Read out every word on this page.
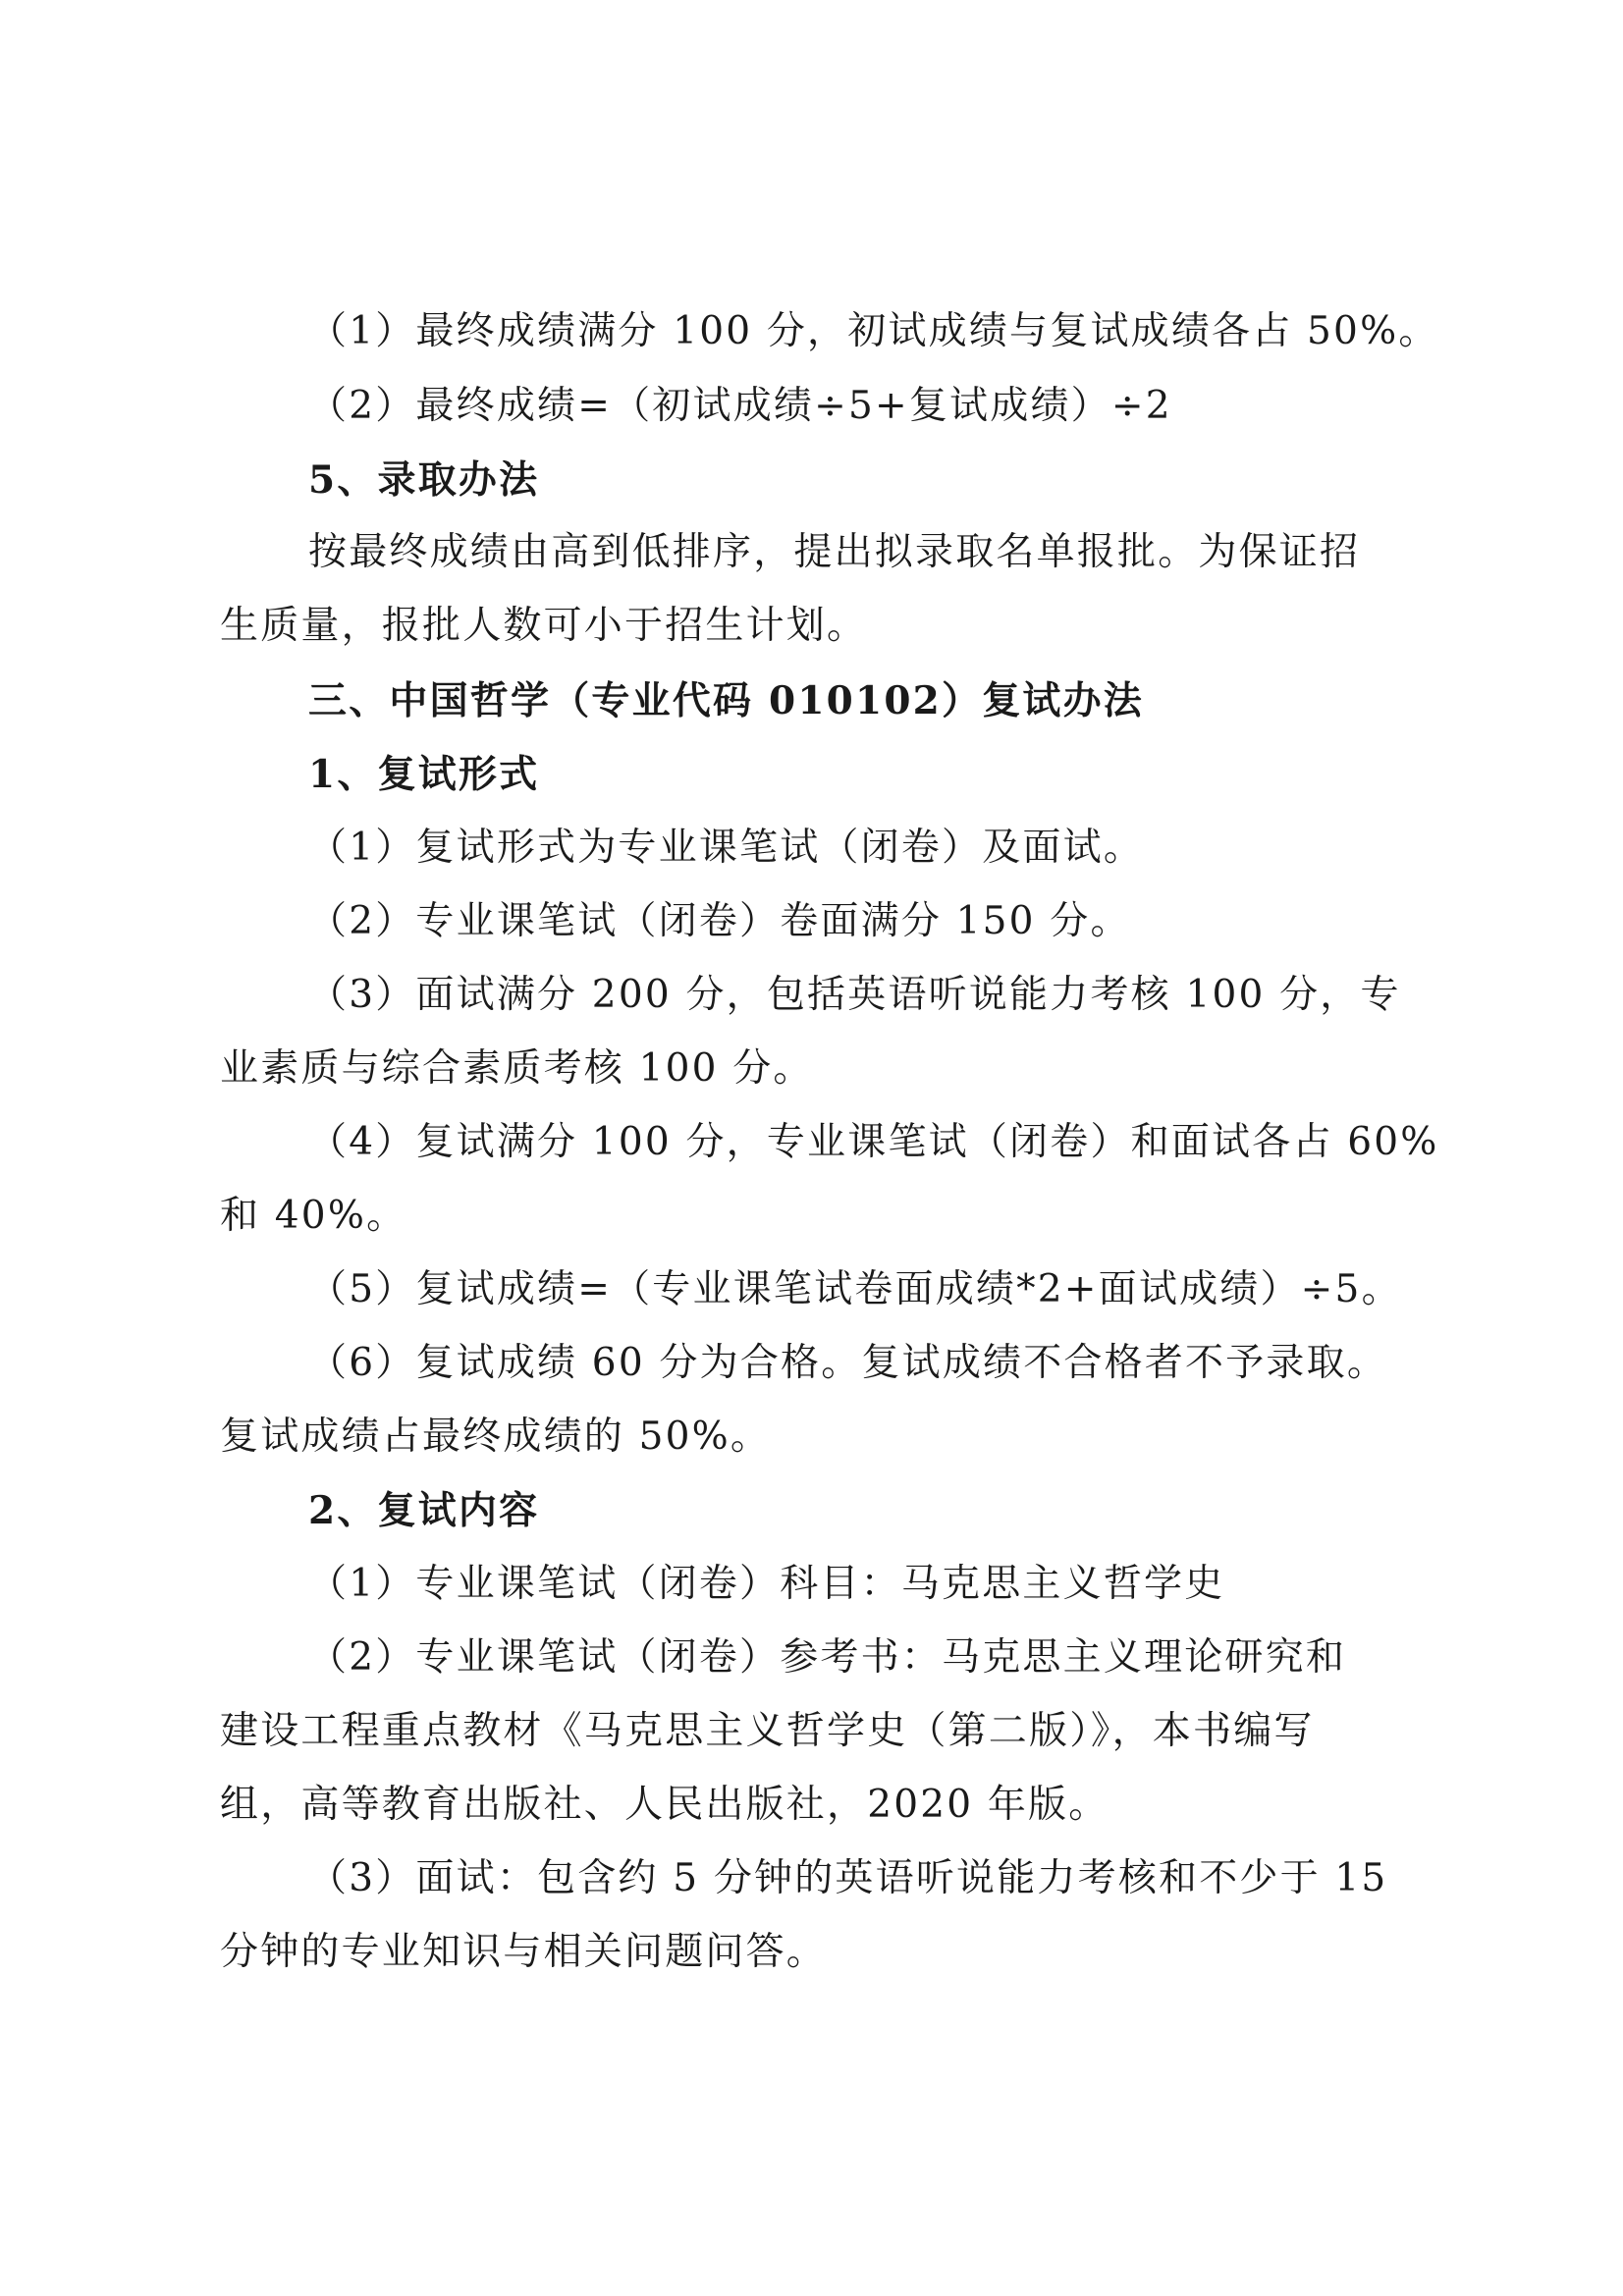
（1）最终成绩满分 100 分，初试成绩与复试成绩各占 50%。
（2）最终成绩=（初试成绩÷5+复试成绩）÷2
5、录取办法
按最终成绩由高到低排序，提出拟录取名单报批。为保证招
生质量，报批人数可小于招生计划。
三、中国哲学（专业代码 010102）复试办法
1、复试形式
（1）复试形式为专业课笔试（闭卷）及面试。
（2）专业课笔试（闭卷）卷面满分 150 分。
（3）面试满分 200 分，包括英语听说能力考核 100 分，专
业素质与综合素质考核 100 分。
（4）复试满分 100 分，专业课笔试（闭卷）和面试各占 60%
和 40%。
（5）复试成绩=（专业课笔试卷面成绩*2+面试成绩）÷5。
（6）复试成绩 60 分为合格。复试成绩不合格者不予录取。
复试成绩占最终成绩的 50%。
2、复试内容
（1）专业课笔试（闭卷）科目：马克思主义哲学史
（2）专业课笔试（闭卷）参考书：马克思主义理论研究和
建设工程重点教材《马克思主义哲学史（第二版）》，本书编写
组，高等教育出版社、人民出版社，2020 年版。
（3）面试：包含约 5 分钟的英语听说能力考核和不少于 15
分钟的专业知识与相关问题问答。
